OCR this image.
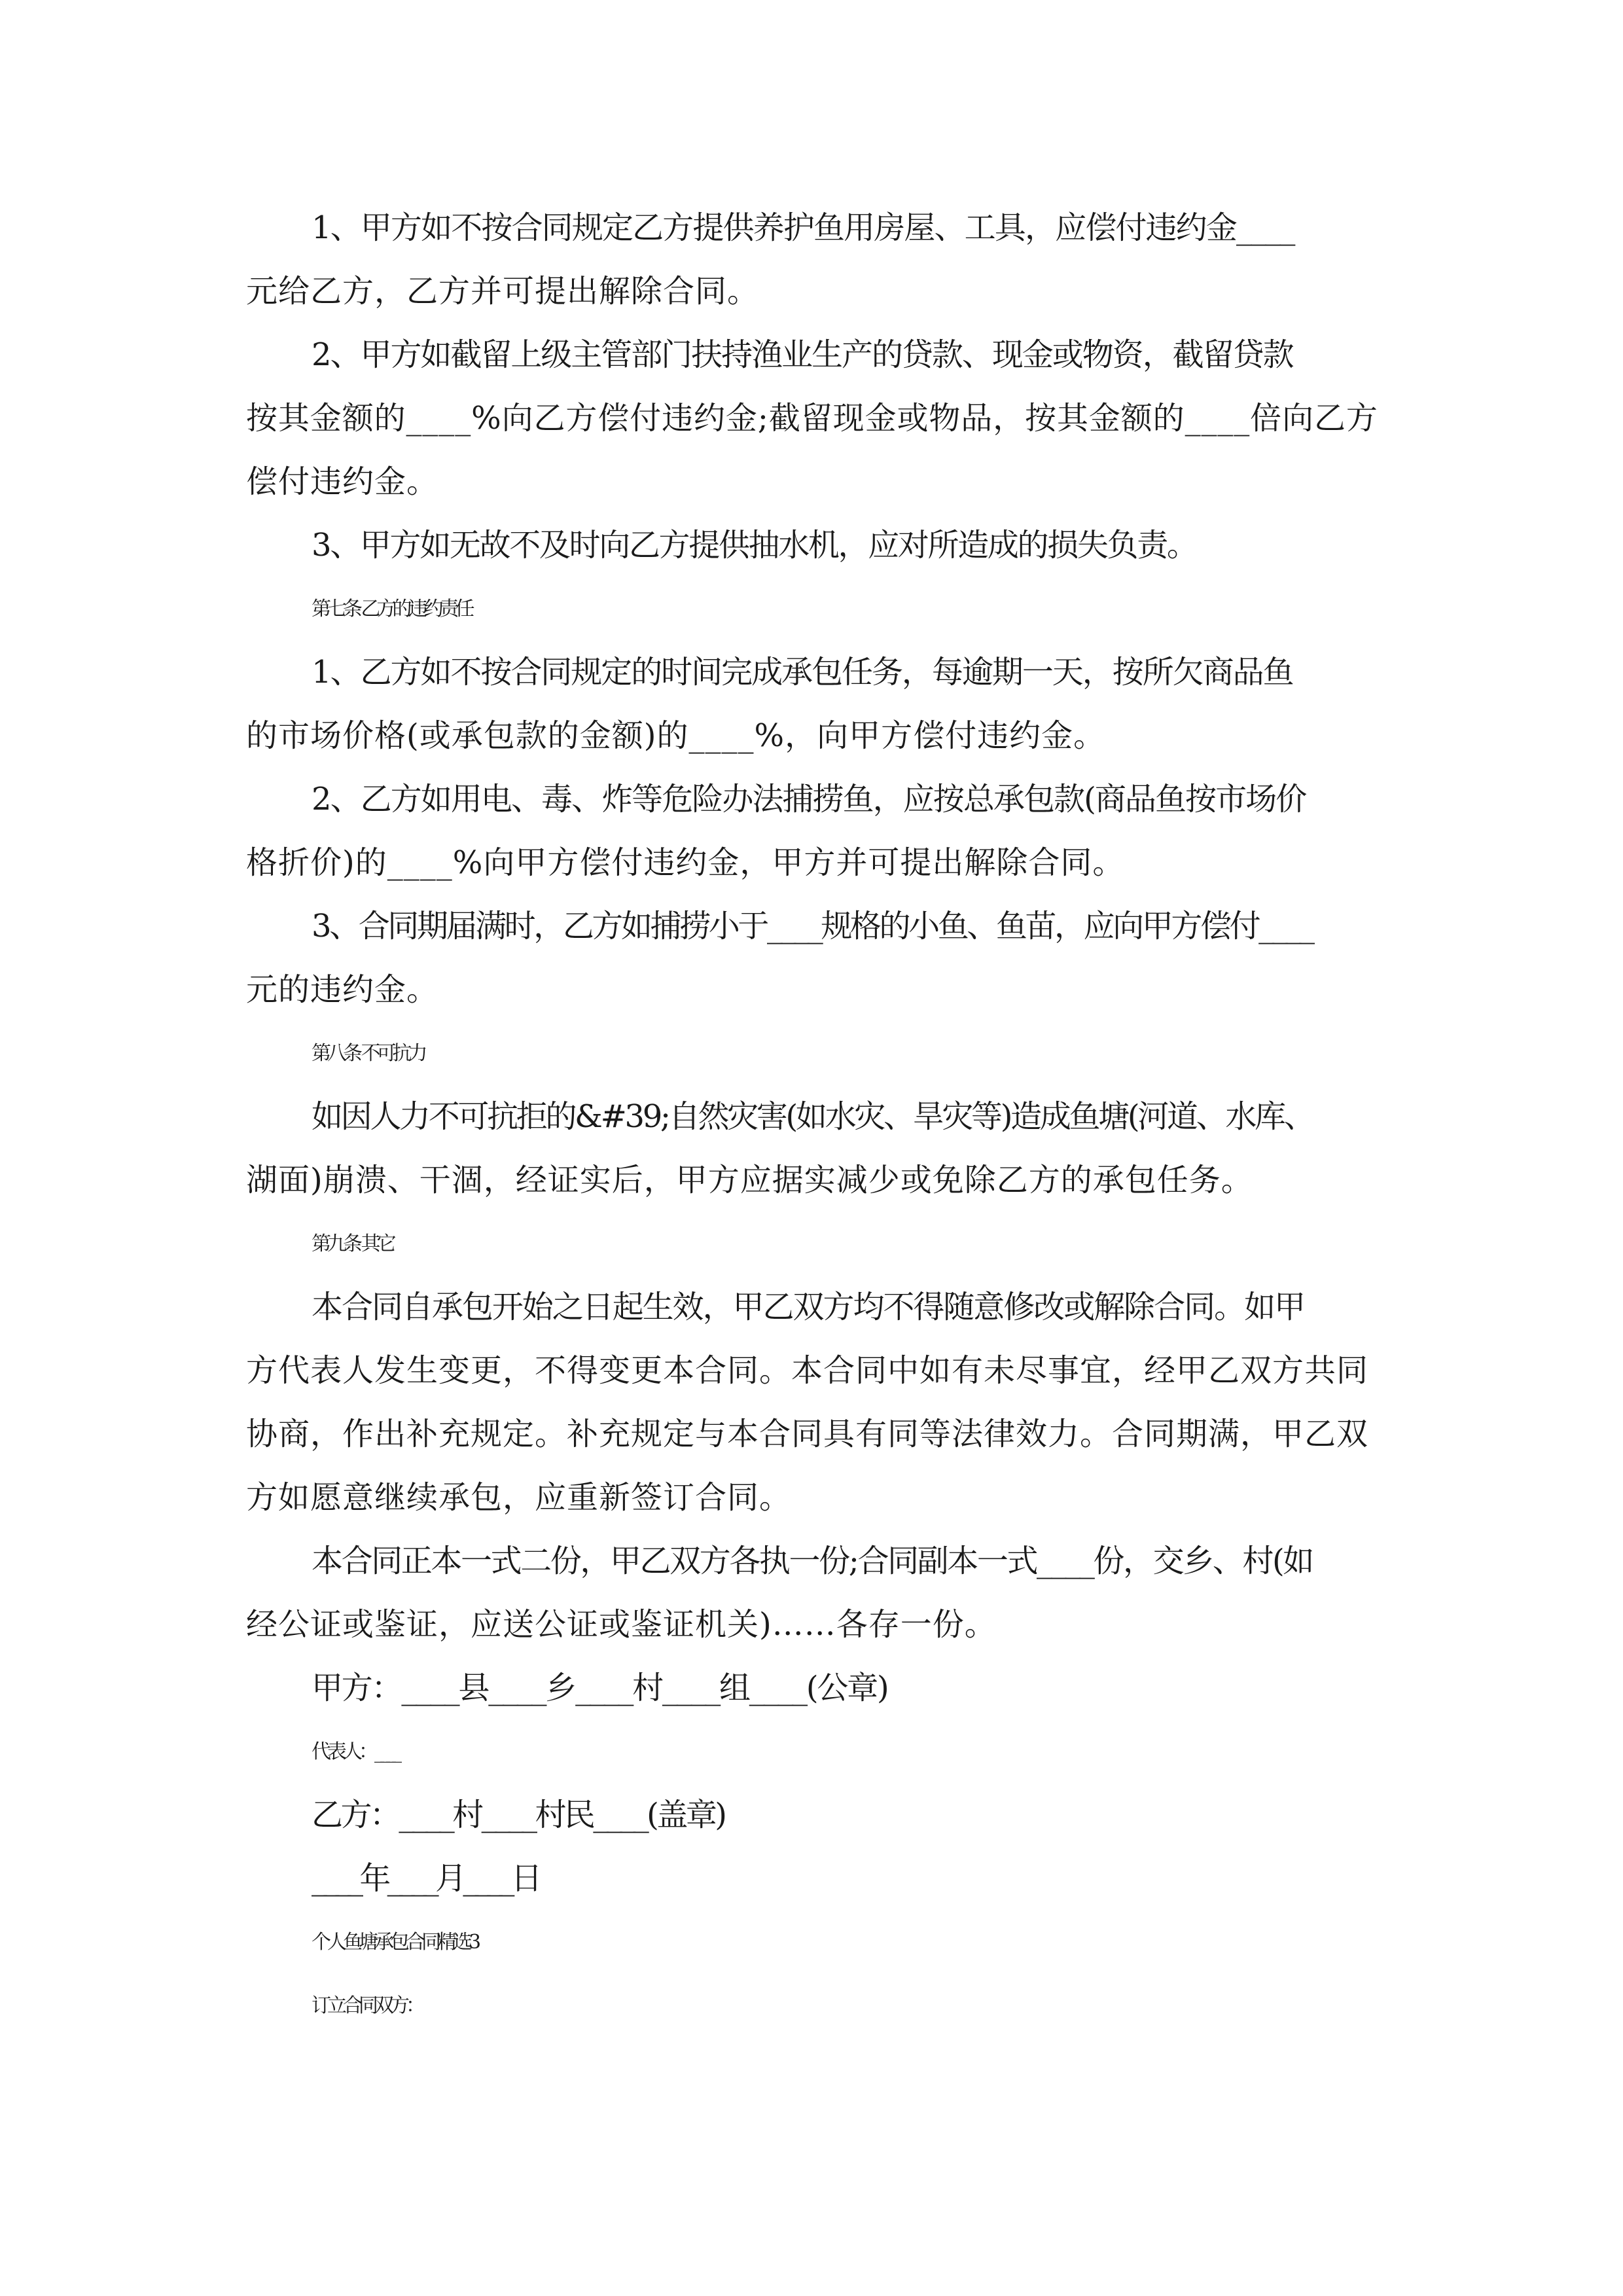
1、甲方如不按合同规定乙方提供养护鱼用房屋、工具，应偿付违约金____
元给乙方，乙方并可提出解除合同。
2、甲方如截留上级主管部门扶持渔业生产的贷款、现金或物资，截留贷款
按其金额的____%向乙方偿付违约金;截留现金或物品，按其金额的____倍向乙方
偿付违约金。
3、甲方如无故不及时向乙方提供抽水机，应对所造成的损失负责。
第七条 乙方的违约责任
1、乙方如不按合同规定的时间完成承包任务，每逾期一天，按所欠商品鱼
的市场价格(或承包款的金额)的____%，向甲方偿付违约金。
2、乙方如用电、毒、炸等危险办法捕捞鱼，应按总承包款(商品鱼按市场价
格折价)的____%向甲方偿付违约金，甲方并可提出解除合同。
3、合同期届满时，乙方如捕捞小于____规格的小鱼、鱼苗，应向甲方偿付____
元的违约金。
第八条 不可抗力
如因人力不可抗拒的&#39;自然灾害(如水灾、旱灾等)造成鱼塘(河道、水库、
湖面)崩溃、干涸，经证实后，甲方应据实减少或免除乙方的承包任务。
第九条 其它
本合同自承包开始之日起生效，甲乙双方均不得随意修改或解除合同。如甲
方代表人发生变更，不得变更本合同。本合同中如有未尽事宜，经甲乙双方共同
协商，作出补充规定。补充规定与本合同具有同等法律效力。合同期满，甲乙双
方如愿意继续承包，应重新签订合同。
本合同正本一式二份，甲乙双方各执一份;合同副本一式____份，交乡、村(如
经公证或鉴证，应送公证或鉴证机关)……各存一份。
甲方：____县____乡____村____组____(公章)
代表人：____
乙方：____村____村民____(盖章)
____年____月____日
个人鱼塘承包合同精选3
订立合同双方：
